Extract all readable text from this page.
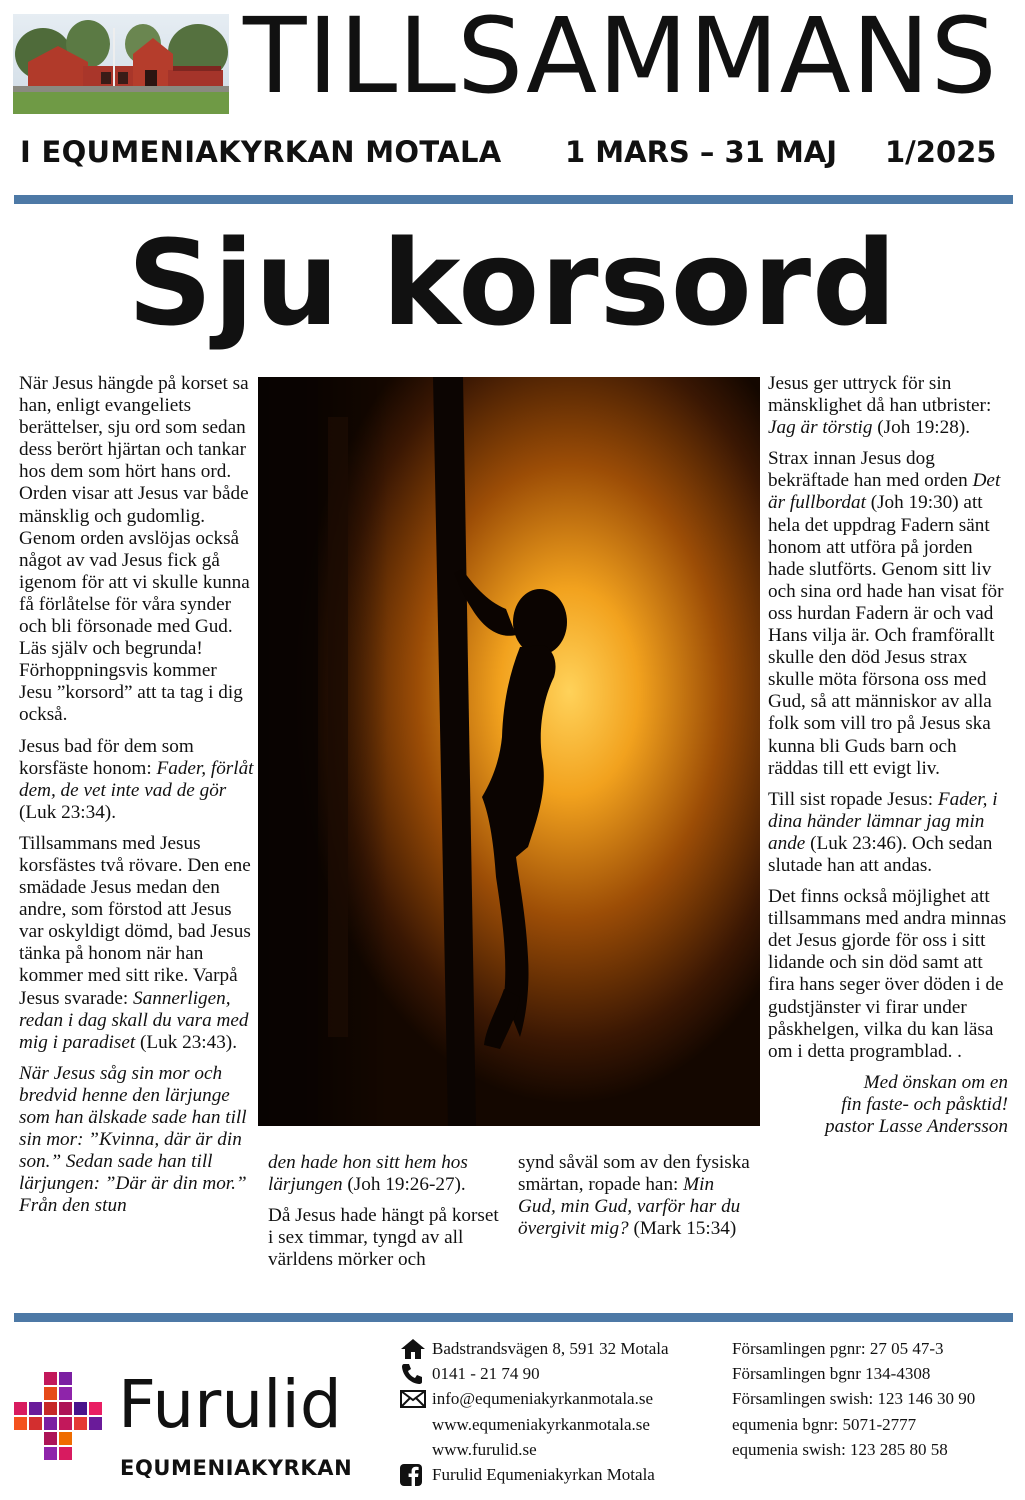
TILLSAMMANS

I EQUMENIAKYRKAN MOTALA 1 MARS – 31 MAJ 1/2025

Sju korsord

När Jesus hängde på korset sa han, enligt evangeliets berättelser, sju ord som sedan dess berört hjärtan och tankar hos dem som hört hans ord. Orden visar att Jesus var både mänsklig och gudomlig. Genom orden avslöjas också något av vad Jesus fick gå igenom för att vi skulle kunna få förlåtelse för våra synder och bli försonade med Gud. Läs själv och begrunda! Förhoppningsvis kommer Jesu ”korsord” att ta tag i dig också.

Jesus bad för dem som korsfäste honom: Fader, förlåt dem, de vet inte vad de gör (Luk 23:34).

Tillsammans med Jesus korsfästes två rövare. Den ene smädade Jesus medan den andre, som förstod att Jesus var oskyldigt dömd, bad Jesus tänka på honom när han kommer med sitt rike. Varpå Jesus svarade: Sannerligen, redan i dag skall du vara med mig i paradiset (Luk 23:43).

När Jesus såg sin mor och bredvid henne den lärjunge som han älskade sade han till sin mor: ”Kvinna, där är din son.” Sedan sade han till lärjungen: ”Där är din mor.” Från den stun

den hade hon sitt hem hos lärjungen (Joh 19:26-27).

Då Jesus hade hängt på korset i sex timmar, tyngd av all världens mörker och

synd såväl som av den fysiska smärtan, ropade han: Min Gud, min Gud, varför har du övergivit mig? (Mark 15:34)

Jesus ger uttryck för sin mänsklighet då han utbrister: Jag är törstig (Joh 19:28).

Strax innan Jesus dog bekräftade han med orden Det är fullbordat (Joh 19:30) att hela det uppdrag Fadern sänt honom att utföra på jorden hade slutförts. Genom sitt liv och sina ord hade han visat för oss hurdan Fadern är och vad Hans vilja är. Och framförallt skulle den död Jesus strax skulle möta försona oss med Gud, så att människor av alla folk som vill tro på Jesus ska kunna bli Guds barn och räddas till ett evigt liv.

Till sist ropade Jesus: Fader, i dina händer lämnar jag min ande (Luk 23:46). Och sedan slutade han att andas.

Det finns också möjlighet att tillsammans med andra minnas det Jesus gjorde för oss i sitt lidande och sin död samt att fira hans seger över döden i de gudstjänster vi firar under påskhelgen, vilka du kan läsa om i detta programblad. .

Med önskan om en
fin faste- och påsktid!
pastor Lasse Andersson

Furulid

EQUMENIAKYRKAN

Badstrandsvägen 8, 591 32 Motala
0141 - 21 74 90
info@equmeniakyrkanmotala.se
www.equmeniakyrkanmotala.se
www.furulid.se
Furulid Equmeniakyrkan Motala
Församlingen pgnr: 27 05 47-3
Församlingen bgnr 134-4308
Församlingen swish: 123 146 30 90
equmenia bgnr: 5071-2777
equmenia swish: 123 285 80 58
